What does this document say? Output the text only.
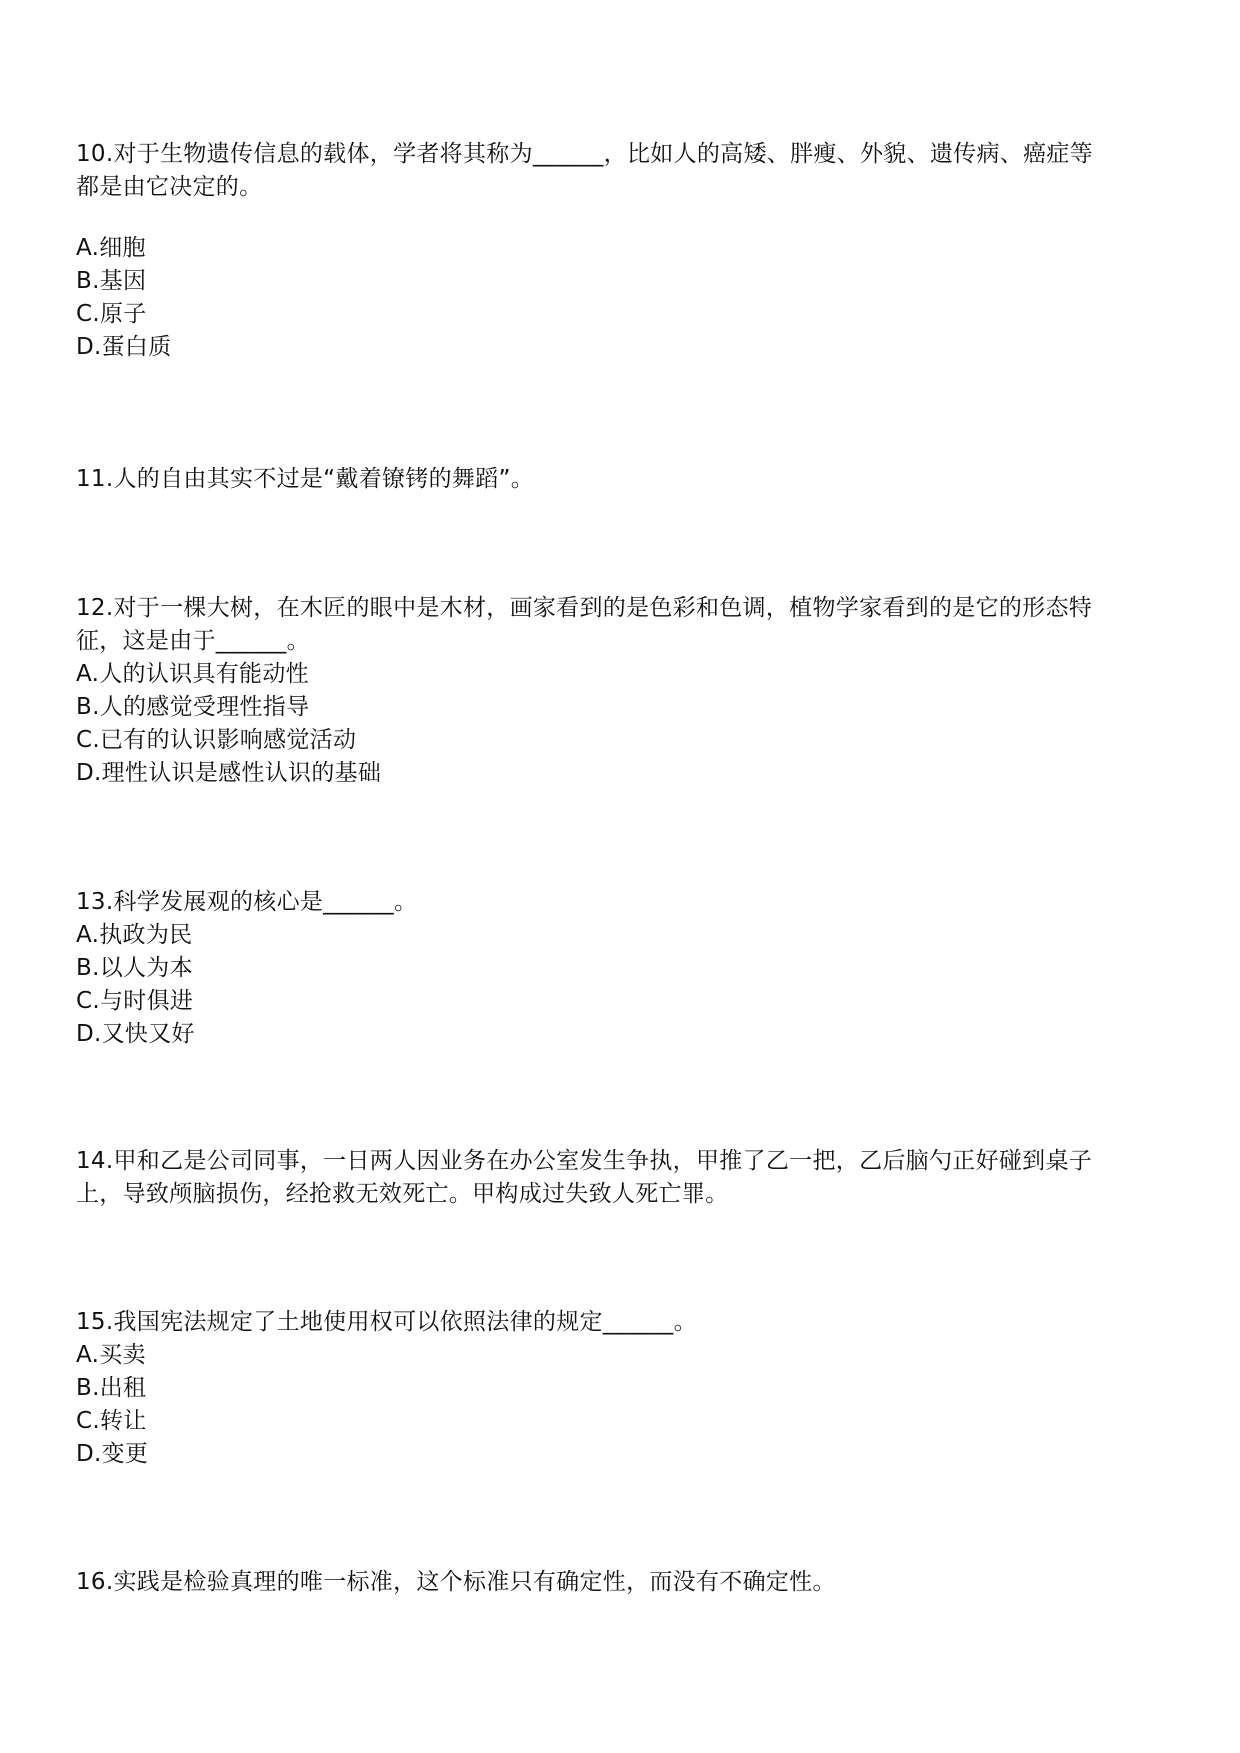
10.对于生物遗传信息的载体，学者将其称为______，比如人的高矮、胖瘦、外貌、遗传病、癌症等
都是由它决定的。
A.细胞
B.基因
C.原子
D.蛋白质
11.人的自由其实不过是“戴着镣铐的舞蹈”。
12.对于一棵大树，在木匠的眼中是木材，画家看到的是色彩和色调，植物学家看到的是它的形态特
征，这是由于______。
A.人的认识具有能动性
B.人的感觉受理性指导
C.已有的认识影响感觉活动
D.理性认识是感性认识的基础
13.科学发展观的核心是______。
A.执政为民
B.以人为本
C.与时俱进
D.又快又好
14.甲和乙是公司同事，一日两人因业务在办公室发生争执，甲推了乙一把，乙后脑勺正好碰到桌子
上，导致颅脑损伤，经抢救无效死亡。甲构成过失致人死亡罪。
15.我国宪法规定了土地使用权可以依照法律的规定______。
A.买卖
B.出租
C.转让
D.变更
16.实践是检验真理的唯一标准，这个标准只有确定性，而没有不确定性。
